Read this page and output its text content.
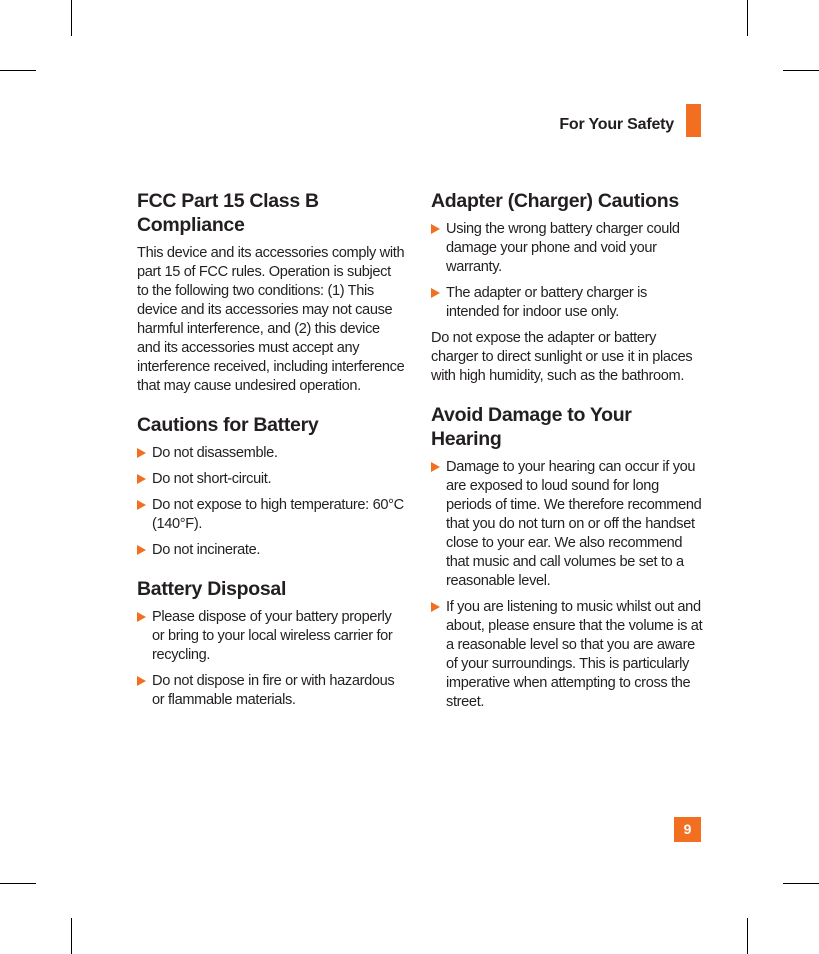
For Your Safety
FCC Part 15 Class B Compliance

This device and its accessories comply with part 15 of FCC rules. Operation is subject to the following two conditions: (1) This device and its accessories may not cause harmful interference, and (2) this device and its accessories must accept any interference received, including interference that may cause undesired operation.

Cautions for Battery
Do not disassemble.
Do not short-circuit.
Do not expose to high temperature: 60°C (140°F).
Do not incinerate.
Battery Disposal
Please dispose of your battery properly or bring to your local wireless carrier for recycling.
Do not dispose in fire or with hazardous or flammable materials.
Adapter (Charger) Cautions
Using the wrong battery charger could damage your phone and void your warranty.
The adapter or battery charger is intended for indoor use only.

Do not expose the adapter or battery charger to direct sunlight or use it in places with high humidity, such as the bathroom.

Avoid Damage to Your Hearing
Damage to your hearing can occur if you are exposed to loud sound for long periods of time. We therefore recommend that you do not turn on or off the handset close to your ear. We also recommend that music and call volumes be set to a reasonable level.
If you are listening to music whilst out and about, please ensure that the volume is at a reasonable level so that you are aware of your surroundings. This is particularly imperative when attempting to cross the street.
9
